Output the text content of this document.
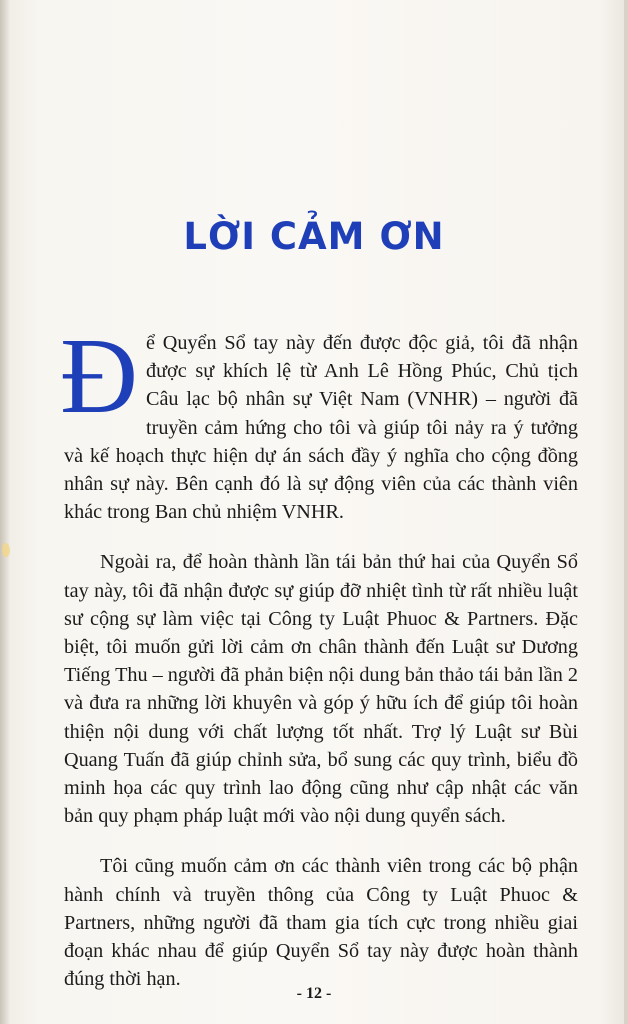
LỜI CẢM ƠN

Để Quyển Sổ tay này đến được độc giả, tôi đã nhận được sự khích lệ từ Anh Lê Hồng Phúc, Chủ tịch Câu lạc bộ nhân sự Việt Nam (VNHR) – người đã truyền cảm hứng cho tôi và giúp tôi nảy ra ý tưởng và kế hoạch thực hiện dự án sách đầy ý nghĩa cho cộng đồng nhân sự này. Bên cạnh đó là sự động viên của các thành viên khác trong Ban chủ nhiệm VNHR.

Ngoài ra, để hoàn thành lần tái bản thứ hai của Quyển Sổ tay này, tôi đã nhận được sự giúp đỡ nhiệt tình từ rất nhiều luật sư cộng sự làm việc tại Công ty Luật Phuoc & Partners. Đặc biệt, tôi muốn gửi lời cảm ơn chân thành đến Luật sư Dương Tiếng Thu – người đã phản biện nội dung bản thảo tái bản lần 2 và đưa ra những lời khuyên và góp ý hữu ích để giúp tôi hoàn thiện nội dung với chất lượng tốt nhất. Trợ lý Luật sư Bùi Quang Tuấn đã giúp chỉnh sửa, bổ sung các quy trình, biểu đồ minh họa các quy trình lao động cũng như cập nhật các văn bản quy phạm pháp luật mới vào nội dung quyển sách.

Tôi cũng muốn cảm ơn các thành viên trong các bộ phận hành chính và truyền thông của Công ty Luật Phuoc & Partners, những người đã tham gia tích cực trong nhiều giai đoạn khác nhau để giúp Quyển Sổ tay này được hoàn thành đúng thời hạn.

- 12 -
